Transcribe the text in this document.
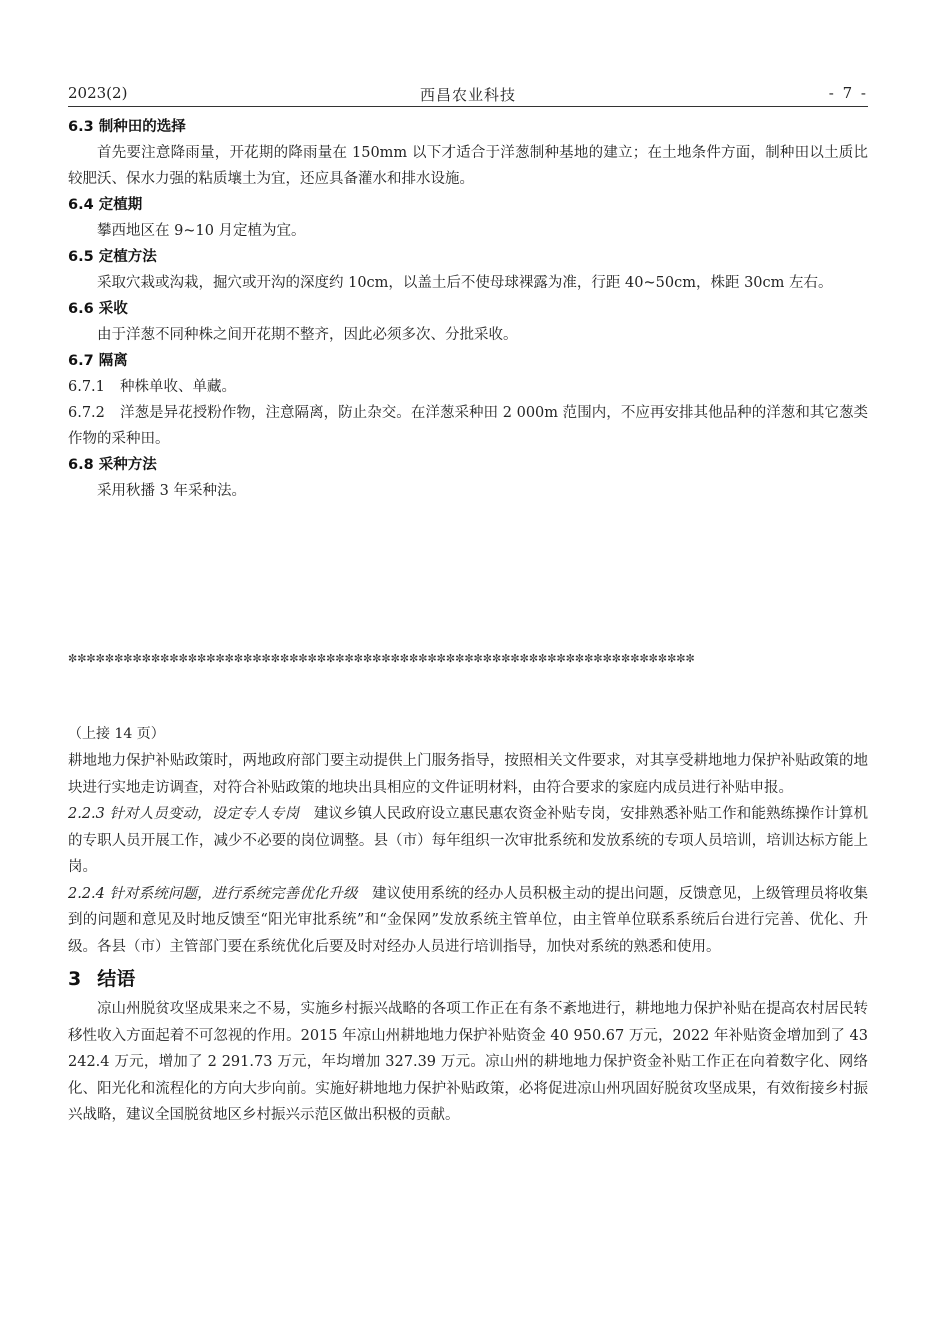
2023(2)	西昌农业科技	- 7 -
6.3 制种田的选择

首先要注意降雨量，开花期的降雨量在 150mm 以下才适合于洋葱制种基地的建立；在土地条件方面，制种田以土质比较肥沃、保水力强的粘质壤土为宜，还应具备灌水和排水设施。

6.4 定植期

攀西地区在 9~10 月定植为宜。

6.5 定植方法

采取穴栽或沟栽，掘穴或开沟的深度约 10cm，以盖土后不使母球裸露为准，行距 40~50cm，株距 30cm 左右。

6.6 采收

由于洋葱不同种株之间开花期不整齐，因此必须多次、分批采收。

6.7 隔离

6.7.1 种株单收、单藏。

6.7.2 洋葱是异花授粉作物，注意隔离，防止杂交。在洋葱采种田 2 000m 范围内，不应再安排其他品种的洋葱和其它葱类作物的采种田。

6.8 采种方法

采用秋播 3 年采种法。

✼✼✼✼✼✼✼✼✼✼✼✼✼✼✼✼✼✼✼✼✼✼✼✼✼✼✼✼✼✼✼✼✼✼✼✼✼✼✼✼✼✼✼✼✼✼✼✼✼✼✼✼✼✼✼✼✼✼✼✼✼✼✼✼✼✼✼✼

（上接 14 页）

耕地地力保护补贴政策时，两地政府部门要主动提供上门服务指导，按照相关文件要求，对其享受耕地地力保护补贴政策的地块进行实地走访调查，对符合补贴政策的地块出具相应的文件证明材料，由符合要求的家庭内成员进行补贴申报。

2.2.3 针对人员变动，设定专人专岗　 建议乡镇人民政府设立惠民惠农资金补贴专岗，安排熟悉补贴工作和能熟练操作计算机的专职人员开展工作，减少不必要的岗位调整。县（市）每年组织一次审批系统和发放系统的专项人员培训，培训达标方能上岗。

2.2.4 针对系统问题，进行系统完善优化升级　 建议使用系统的经办人员积极主动的提出问题，反馈意见，上级管理员将收集到的问题和意见及时地反馈至“阳光审批系统”和“金保网”发放系统主管单位，由主管单位联系系统后台进行完善、优化、升级。各县（市）主管部门要在系统优化后要及时对经办人员进行培训指导，加快对系统的熟悉和使用。

3 结语

凉山州脱贫攻坚成果来之不易，实施乡村振兴战略的各项工作正在有条不紊地进行，耕地地力保护补贴在提高农村居民转移性收入方面起着不可忽视的作用。2015 年凉山州耕地地力保护补贴资金 40 950.67 万元，2022 年补贴资金增加到了 43 242.4 万元，增加了 2 291.73 万元，年均增加 327.39 万元。凉山州的耕地地力保护资金补贴工作正在向着数字化、网络化、阳光化和流程化的方向大步向前。实施好耕地地力保护补贴政策，必将促进凉山州巩固好脱贫攻坚成果，有效衔接乡村振兴战略，建议全国脱贫地区乡村振兴示范区做出积极的贡献。
